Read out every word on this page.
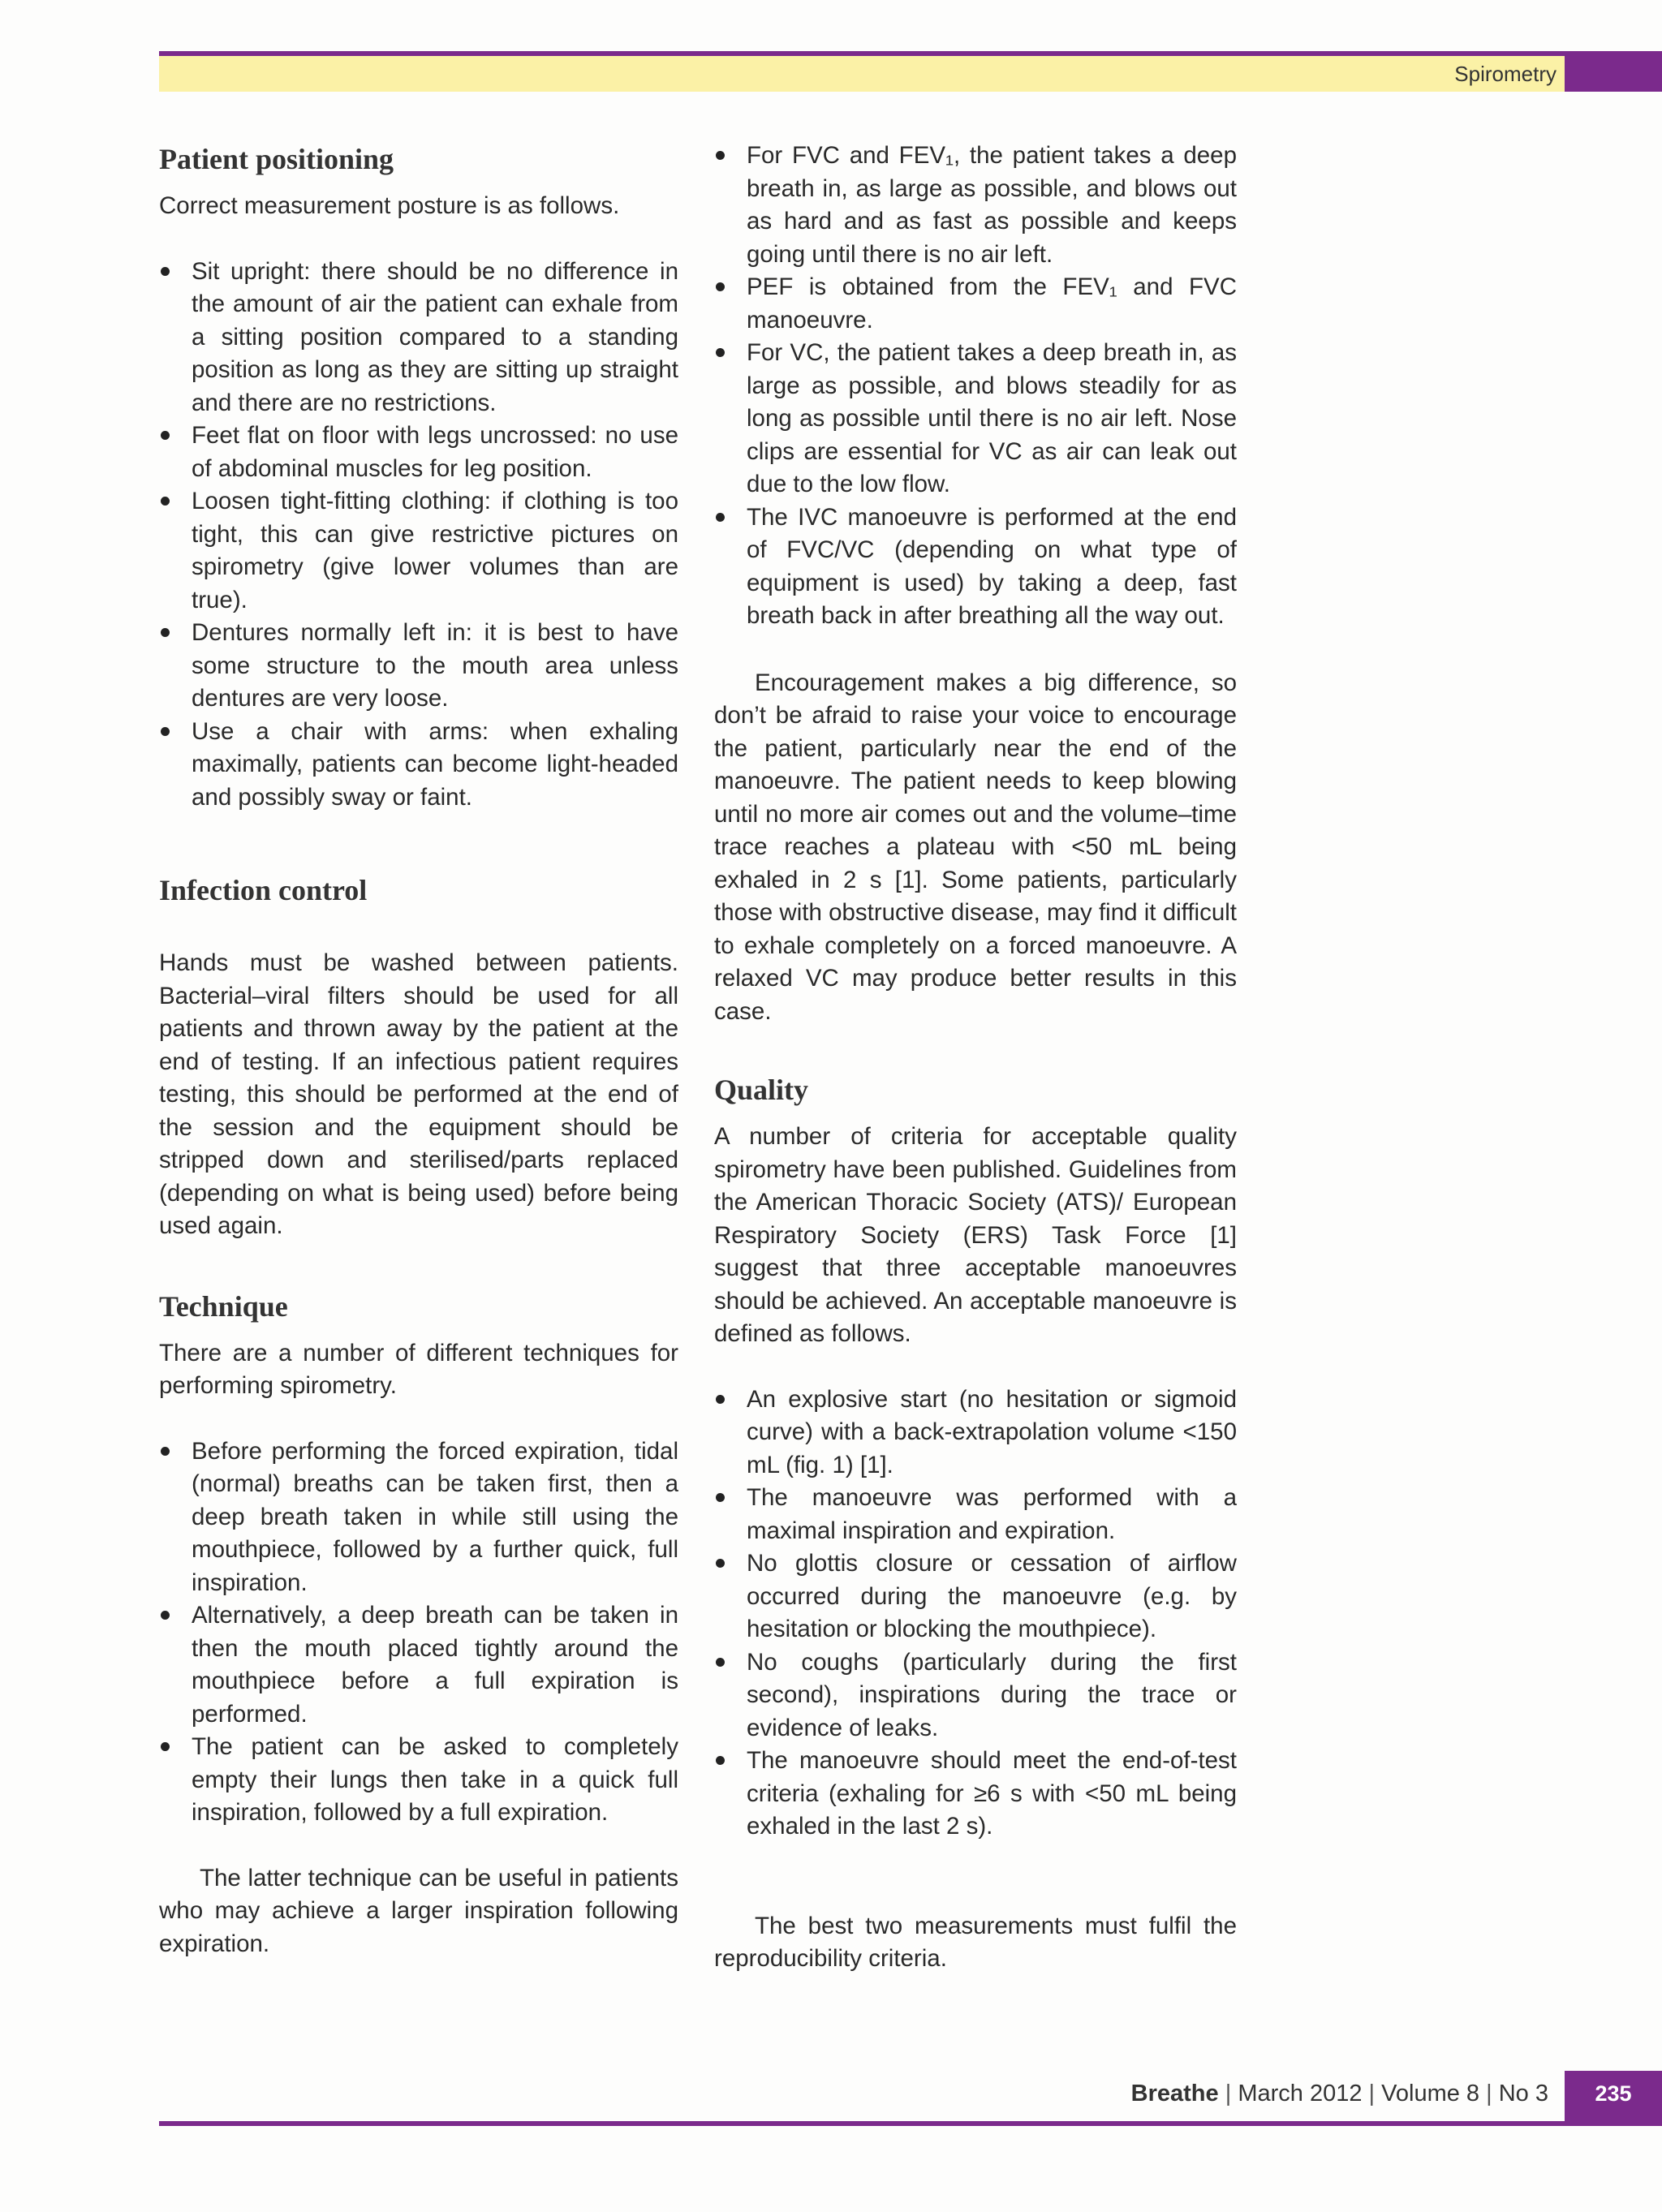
Spirometry
Patient positioning

Correct measurement posture is as follows.

Sit upright: there should be no difference in the amount of air the patient can exhale from a sitting position compared to a standing position as long as they are sitting up straight and there are no restrictions.
Feet flat on floor with legs uncrossed: no use of abdominal muscles for leg position.
Loosen tight-fitting clothing: if clothing is too tight, this can give restrictive pictures on spirometry (give lower volumes than are true).
Dentures normally left in: it is best to have some structure to the mouth area unless dentures are very loose.
Use a chair with arms: when exhaling maximally, patients can become light-headed and possibly sway or faint.
Infection control

Hands must be washed between patients. Bacterial–viral filters should be used for all patients and thrown away by the patient at the end of testing. If an infectious patient requires testing, this should be performed at the end of the session and the equipment should be stripped down and sterilised/parts replaced (depending on what is being used) before being used again.

Technique

There are a number of different techniques for performing spirometry.

Before performing the forced expiration, tidal (normal) breaths can be taken first, then a deep breath taken in while still using the mouthpiece, followed by a further quick, full inspiration.
Alternatively, a deep breath can be taken in then the mouth placed tightly around the mouthpiece before a full expiration is performed.
The patient can be asked to completely empty their lungs then take in a quick full inspiration, followed by a full expiration.

The latter technique can be useful in patients who may achieve a larger inspiration following expiration.

For FVC and FEV₁, the patient takes a deep breath in, as large as possible, and blows out as hard and as fast as possible and keeps going until there is no air left.
PEF is obtained from the FEV₁ and FVC manoeuvre.
For VC, the patient takes a deep breath in, as large as possible, and blows steadily for as long as possible until there is no air left. Nose clips are essential for VC as air can leak out due to the low flow.
The IVC manoeuvre is performed at the end of FVC/VC (depending on what type of equipment is used) by taking a deep, fast breath back in after breathing all the way out.

Encouragement makes a big difference, so don’t be afraid to raise your voice to encourage the patient, particularly near the end of the manoeuvre. The patient needs to keep blowing until no more air comes out and the volume–time trace reaches a plateau with <50 mL being exhaled in 2 s [1]. Some patients, particularly those with obstructive disease, may find it difficult to exhale completely on a forced manoeuvre. A relaxed VC may produce better results in this case.

Quality

A number of criteria for acceptable quality spirometry have been published. Guidelines from the American Thoracic Society (ATS)/ European Respiratory Society (ERS) Task Force [1] suggest that three acceptable manoeuvres should be achieved. An acceptable manoeuvre is defined as follows.

An explosive start (no hesitation or sigmoid curve) with a back-extrapolation volume <150 mL (fig. 1) [1].
The manoeuvre was performed with a maximal inspiration and expiration.
No glottis closure or cessation of airflow occurred during the manoeuvre (e.g. by hesitation or blocking the mouthpiece).
No coughs (particularly during the first second), inspirations during the trace or evidence of leaks.
The manoeuvre should meet the end-of-test criteria (exhaling for ≥6 s with <50 mL being exhaled in the last 2 s).

The best two measurements must fulfil the reproducibility criteria.

Breathe | March 2012 | Volume 8 | No 3	235
